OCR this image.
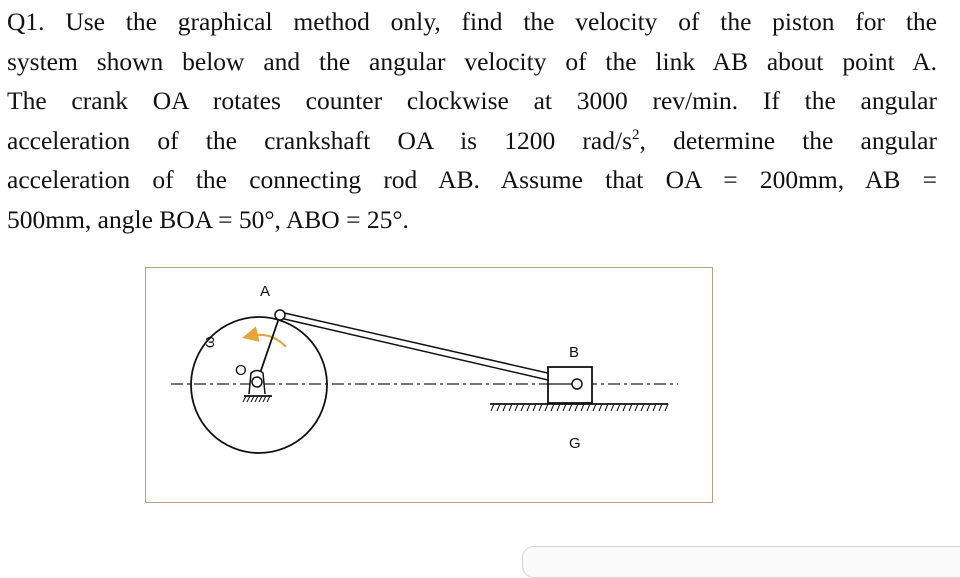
Q1. Use the graphical method only, find the velocity of the piston for the
system shown below and the angular velocity of the link AB about point A.
The crank OA rotates counter clockwise at 3000 rev/min. If the angular
acceleration of the crankshaft OA is 1200 rad/$s^2$, determine the angular
acceleration of the connecting rod AB. Assume that OA = 200mm, AB =
500mm, angle BOA = 50°, ABO = 25°.
A
B
O
G
ω
